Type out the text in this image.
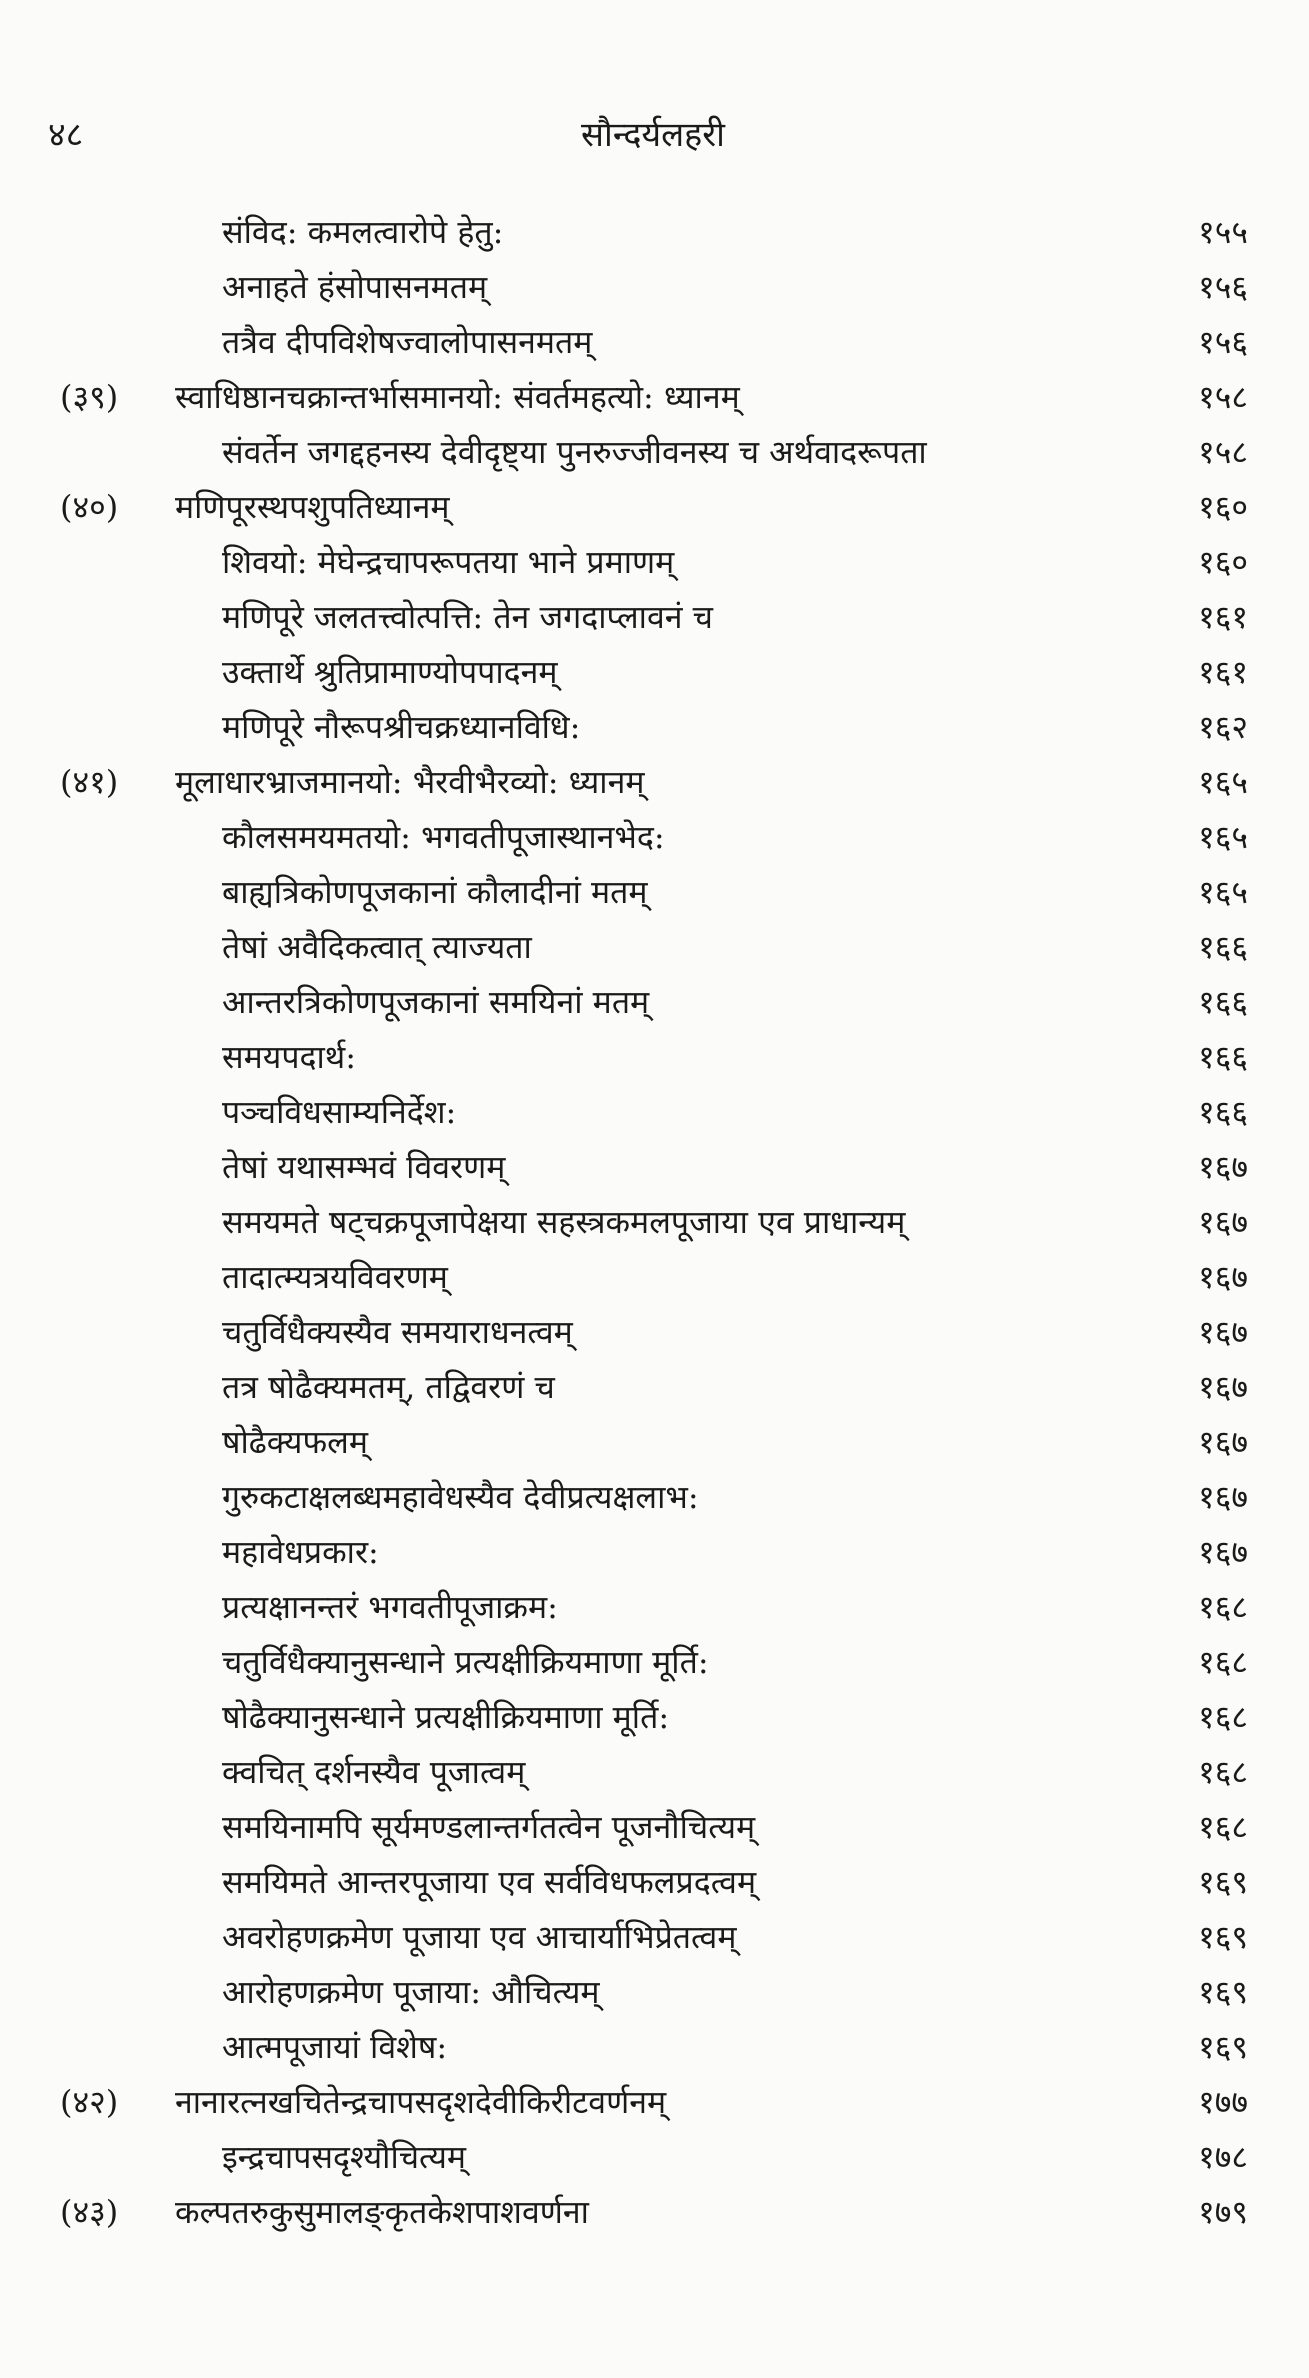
४८	सौन्दर्यलहरी
संविद: कमलत्वारोपे हेतु:	१५५
अनाहते हंसोपासनमतम्	१५६
तत्रैव दीपविशेषज्वालोपासनमतम्	१५६
(३९) स्वाधिष्ठानचक्रान्तर्भासमानयो: संवर्तमहत्यो: ध्यानम्	१५८
संवर्तेन जगद्दहनस्य देवीदृष्ट्या पुनरुज्जीवनस्य च अर्थवादरूपता	१५८
(४०) मणिपूरस्थपशुपतिध्यानम्	१६०
शिवयो: मेघेन्द्रचापरूपतया भाने प्रमाणम्	१६०
मणिपूरे जलतत्त्वोत्पत्ति: तेन जगदाप्लावनं च	१६१
उक्तार्थे श्रुतिप्रामाण्योपपादनम्	१६१
मणिपूरे नौरूपश्रीचक्रध्यानविधि:	१६२
(४१) मूलाधारभ्राजमानयो: भैरवीभैरव्यो: ध्यानम्	१६५
कौलसमयमतयो: भगवतीपूजास्थानभेद:	१६५
बाह्यत्रिकोणपूजकानां कौलादीनां मतम्	१६५
तेषां अवैदिकत्वात् त्याज्यता	१६६
आन्तरत्रिकोणपूजकानां समयिनां मतम्	१६६
समयपदार्थ:	१६६
पञ्चविधसाम्यनिर्देश:	१६६
तेषां यथासम्भवं विवरणम्	१६७
समयमते षट्चक्रपूजापेक्षया सहस्त्रकमलपूजाया एव प्राधान्यम्	१६७
तादात्म्यत्रयविवरणम्	१६७
चतुर्विधैक्यस्यैव समयाराधनत्वम्	१६७
तत्र षोढैक्यमतम्, तद्विवरणं च	१६७
षोढैक्यफलम्	१६७
गुरुकटाक्षलब्धमहावेधस्यैव देवीप्रत्यक्षलाभ:	१६७
महावेधप्रकार:	१६७
प्रत्यक्षानन्तरं भगवतीपूजाक्रम:	१६८
चतुर्विधैक्यानुसन्धाने प्रत्यक्षीक्रियमाणा मूर्ति:	१६८
षोढैक्यानुसन्धाने प्रत्यक्षीक्रियमाणा मूर्ति:	१६८
क्वचित् दर्शनस्यैव पूजात्वम्	१६८
समयिनामपि सूर्यमण्डलान्तर्गतत्वेन पूजनौचित्यम्	१६८
समयिमते आन्तरपूजाया एव सर्वविधफलप्रदत्वम्	१६९
अवरोहणक्रमेण पूजाया एव आचार्याभिप्रेतत्वम्	१६९
आरोहणक्रमेण पूजाया: औचित्यम्	१६९
आत्मपूजायां विशेष:	१६९
(४२) नानारत्नखचितेन्द्रचापसदृशदेवीकिरीटवर्णनम्	१७७
इन्द्रचापसदृश्यौचित्यम्	१७८
(४३) कल्पतरुकुसुमालङ्कृतकेशपाशवर्णना	१७९
